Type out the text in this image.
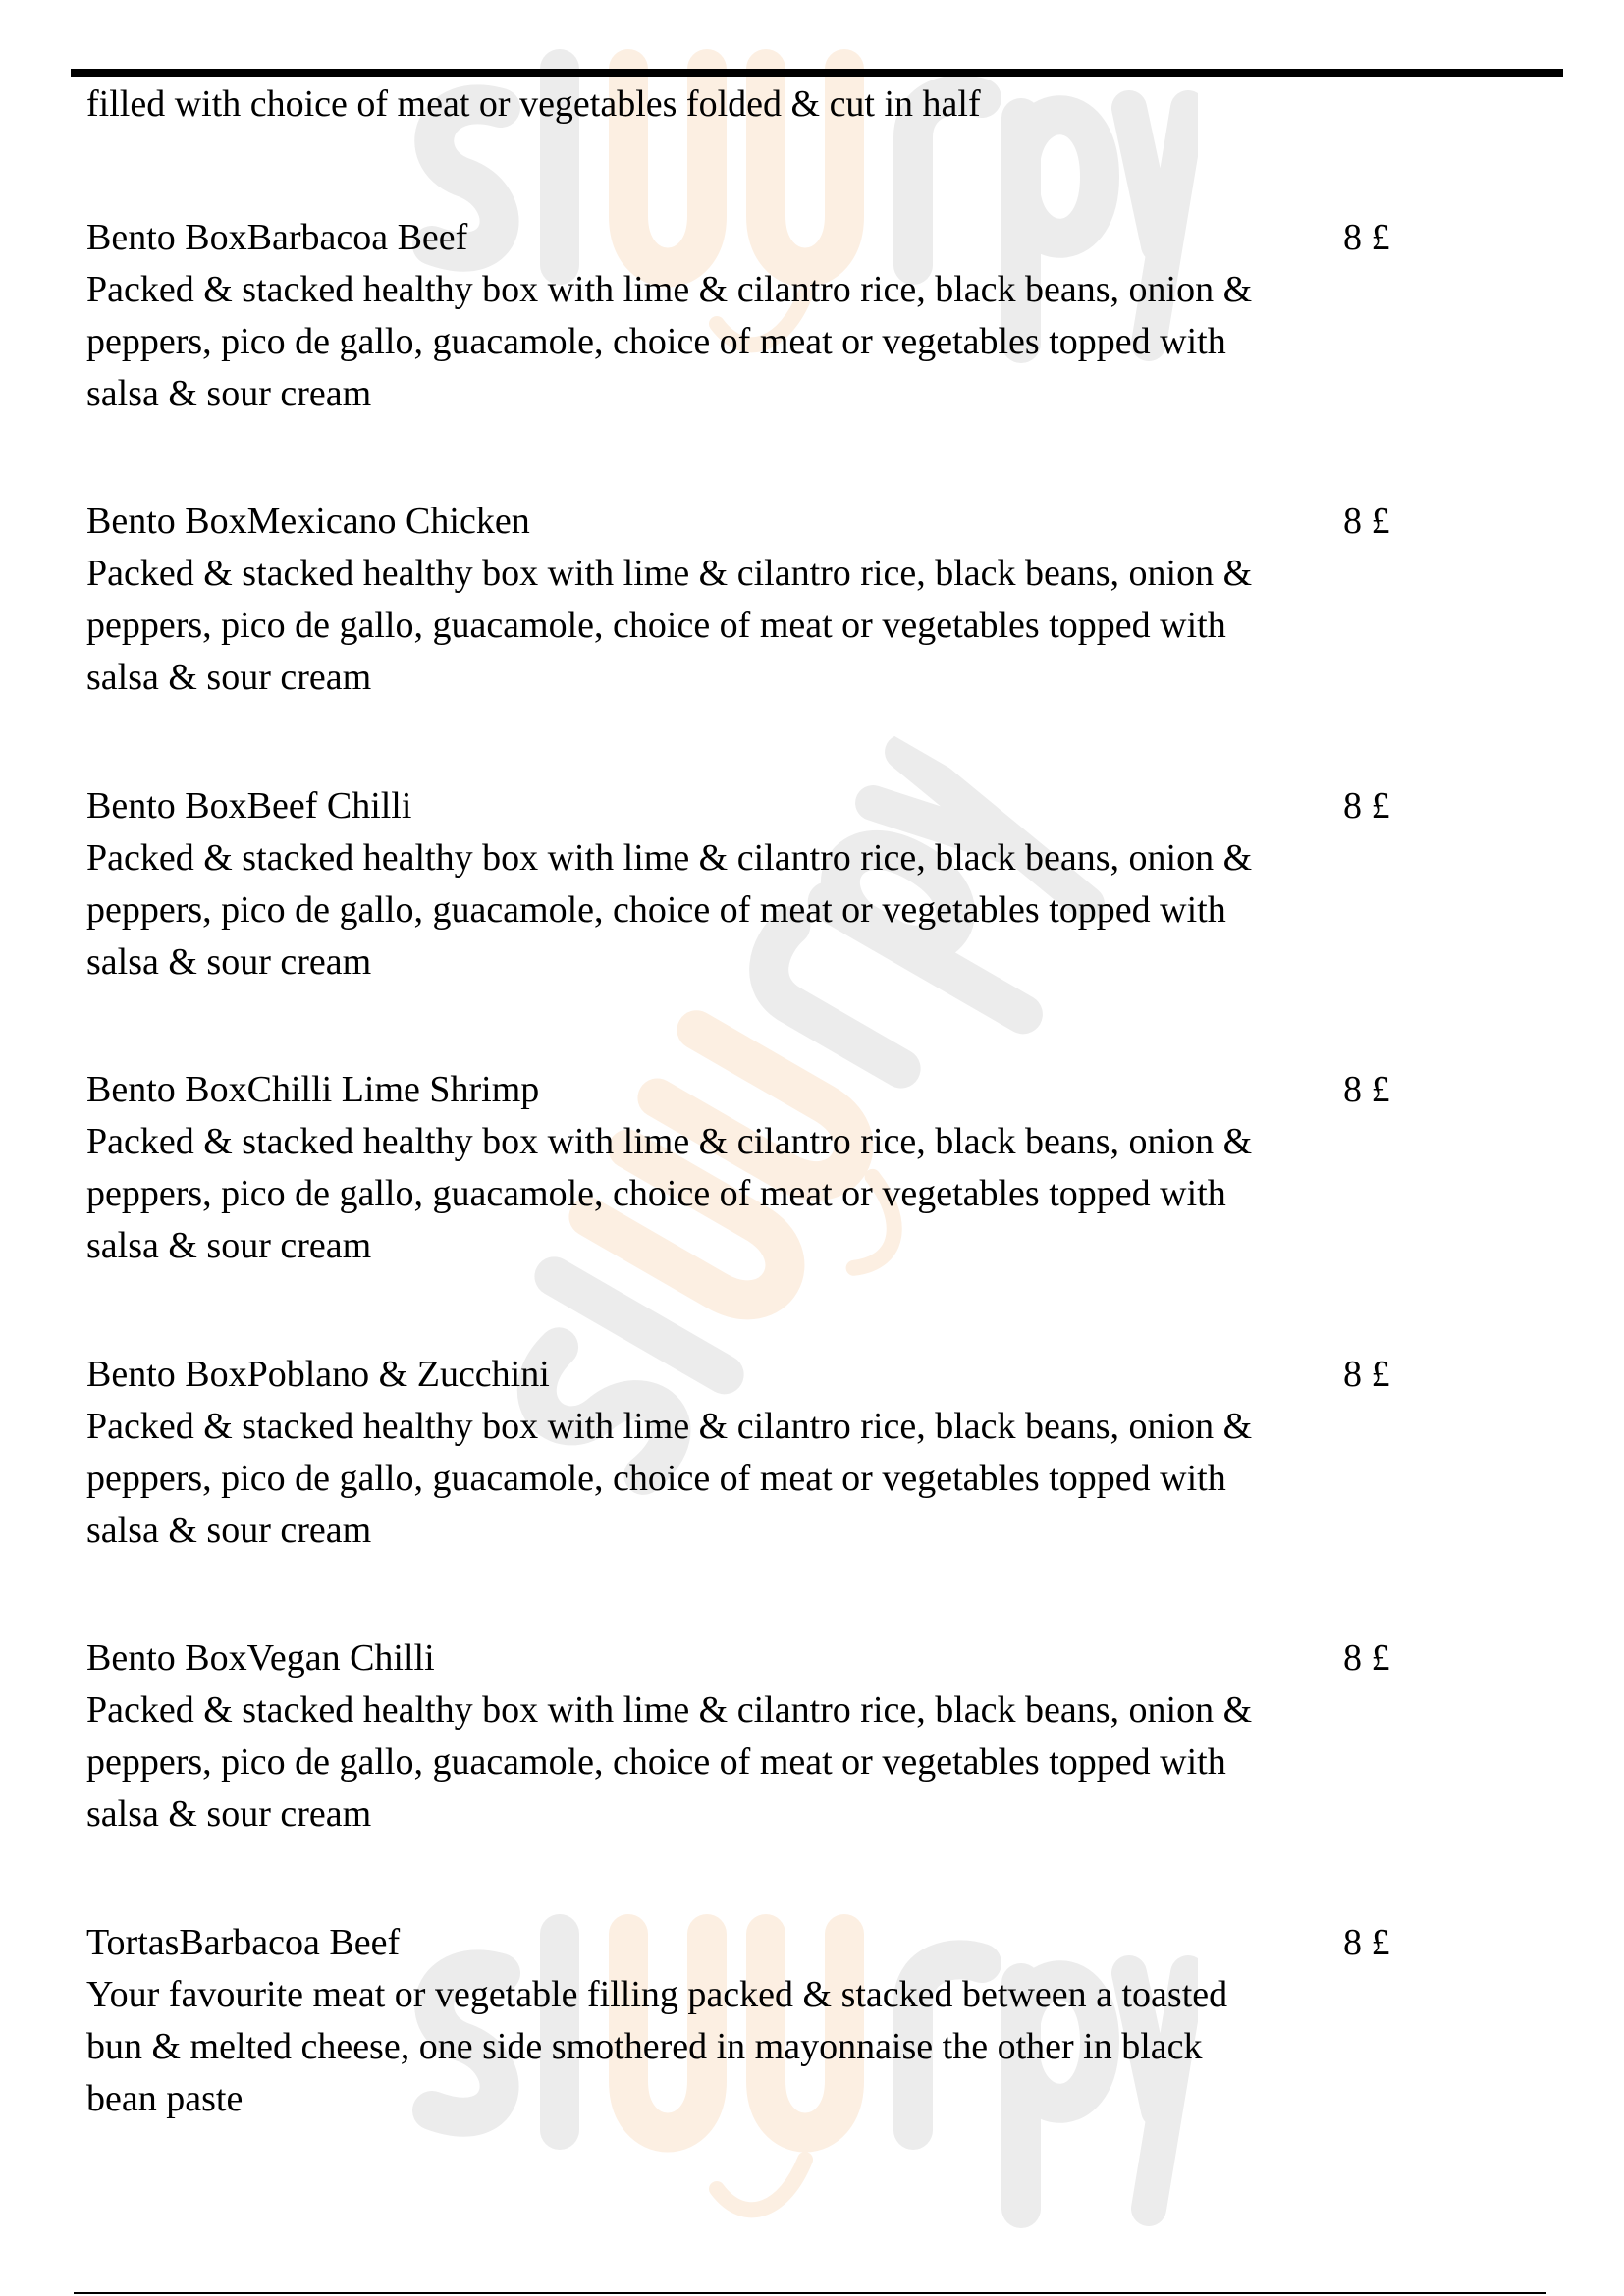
filled with choice of meat or vegetables folded & cut in half
Bento BoxBarbacoa Beef
Packed & stacked healthy box with lime & cilantro rice, black beans, onion & peppers, pico de gallo, guacamole, choice of meat or vegetables topped with salsa & sour cream
8 £
Bento BoxMexicano Chicken
Packed & stacked healthy box with lime & cilantro rice, black beans, onion & peppers, pico de gallo, guacamole, choice of meat or vegetables topped with salsa & sour cream
8 £
Bento BoxBeef Chilli
Packed & stacked healthy box with lime & cilantro rice, black beans, onion & peppers, pico de gallo, guacamole, choice of meat or vegetables topped with salsa & sour cream
8 £
Bento BoxChilli Lime Shrimp
Packed & stacked healthy box with lime & cilantro rice, black beans, onion & peppers, pico de gallo, guacamole, choice of meat or vegetables topped with salsa & sour cream
8 £
Bento BoxPoblano & Zucchini
Packed & stacked healthy box with lime & cilantro rice, black beans, onion & peppers, pico de gallo, guacamole, choice of meat or vegetables topped with salsa & sour cream
8 £
Bento BoxVegan Chilli
Packed & stacked healthy box with lime & cilantro rice, black beans, onion & peppers, pico de gallo, guacamole, choice of meat or vegetables topped with salsa & sour cream
8 £
TortasBarbacoa Beef
Your favourite meat or vegetable filling packed & stacked between a toasted bun & melted cheese, one side smothered in mayonnaise the other in black bean paste
8 £
